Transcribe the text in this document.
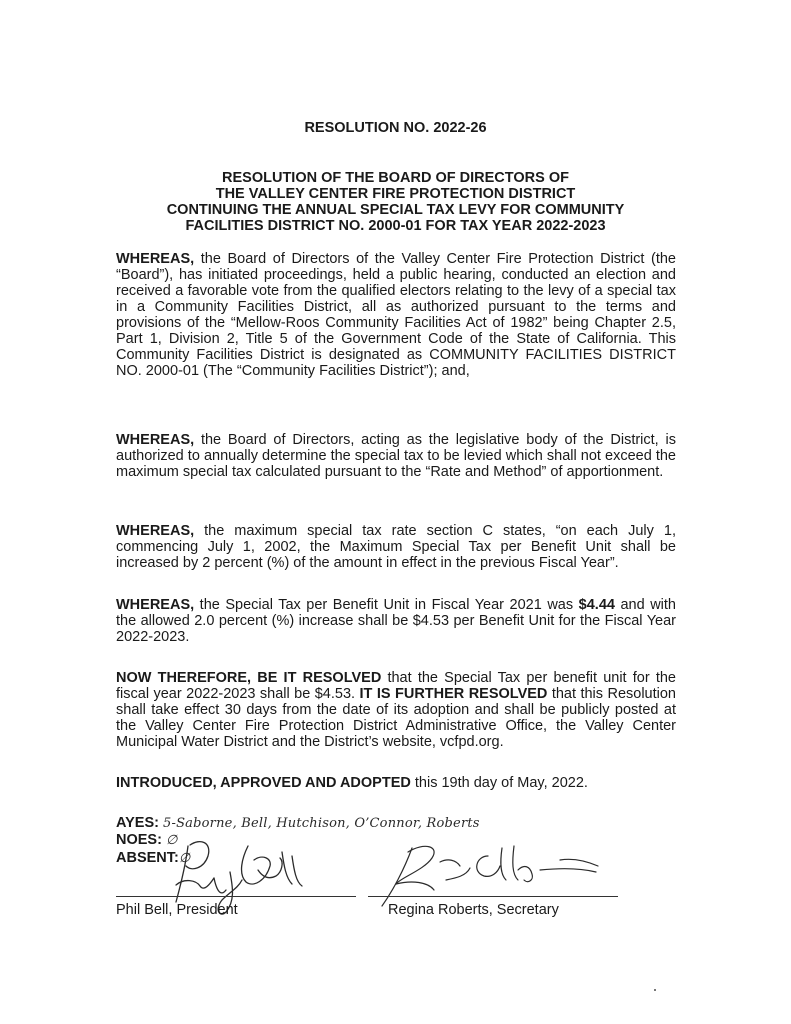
RESOLUTION NO. 2022-26
RESOLUTION OF THE BOARD OF DIRECTORS OF
THE VALLEY CENTER FIRE PROTECTION DISTRICT
CONTINUING THE ANNUAL SPECIAL TAX LEVY FOR COMMUNITY
FACILITIES DISTRICT NO. 2000-01 FOR TAX YEAR 2022-2023
WHEREAS, the Board of Directors of the Valley Center Fire Protection District (the “Board”), has initiated proceedings, held a public hearing, conducted an election and received a favorable vote from the qualified electors relating to the levy of a special tax in a Community Facilities District, all as authorized pursuant to the terms and provisions of the “Mellow-Roos Community Facilities Act of 1982” being Chapter 2.5, Part 1, Division 2, Title 5 of the Government Code of the State of California. This Community Facilities District is designated as COMMUNITY FACILITIES DISTRICT NO. 2000-01 (The “Community Facilities District”); and,
WHEREAS, the Board of Directors, acting as the legislative body of the District, is authorized to annually determine the special tax to be levied which shall not exceed the maximum special tax calculated pursuant to the “Rate and Method” of apportionment.
WHEREAS, the maximum special tax rate section C states, “on each July 1, commencing July 1, 2002, the Maximum Special Tax per Benefit Unit shall be increased by 2 percent (%) of the amount in effect in the previous Fiscal Year”.
WHEREAS, the Special Tax per Benefit Unit in Fiscal Year 2021 was $4.44 and with the allowed 2.0 percent (%) increase shall be $4.53 per Benefit Unit for the Fiscal Year 2022-2023.
NOW THEREFORE, BE IT RESOLVED that the Special Tax per benefit unit for the fiscal year 2022-2023 shall be $4.53. IT IS FURTHER RESOLVED that this Resolution shall take effect 30 days from the date of its adoption and shall be publicly posted at the Valley Center Fire Protection District Administrative Office, the Valley Center Municipal Water District and the District’s website, vcfpd.org.
INTRODUCED, APPROVED AND ADOPTED this 19th day of May, 2022.
AYES: 5-Saborne, Bell, Hutchison, O’Connor, Roberts
NOES: ∅
ABSENT:∅
Phil Bell, President	Regina Roberts, Secretary
